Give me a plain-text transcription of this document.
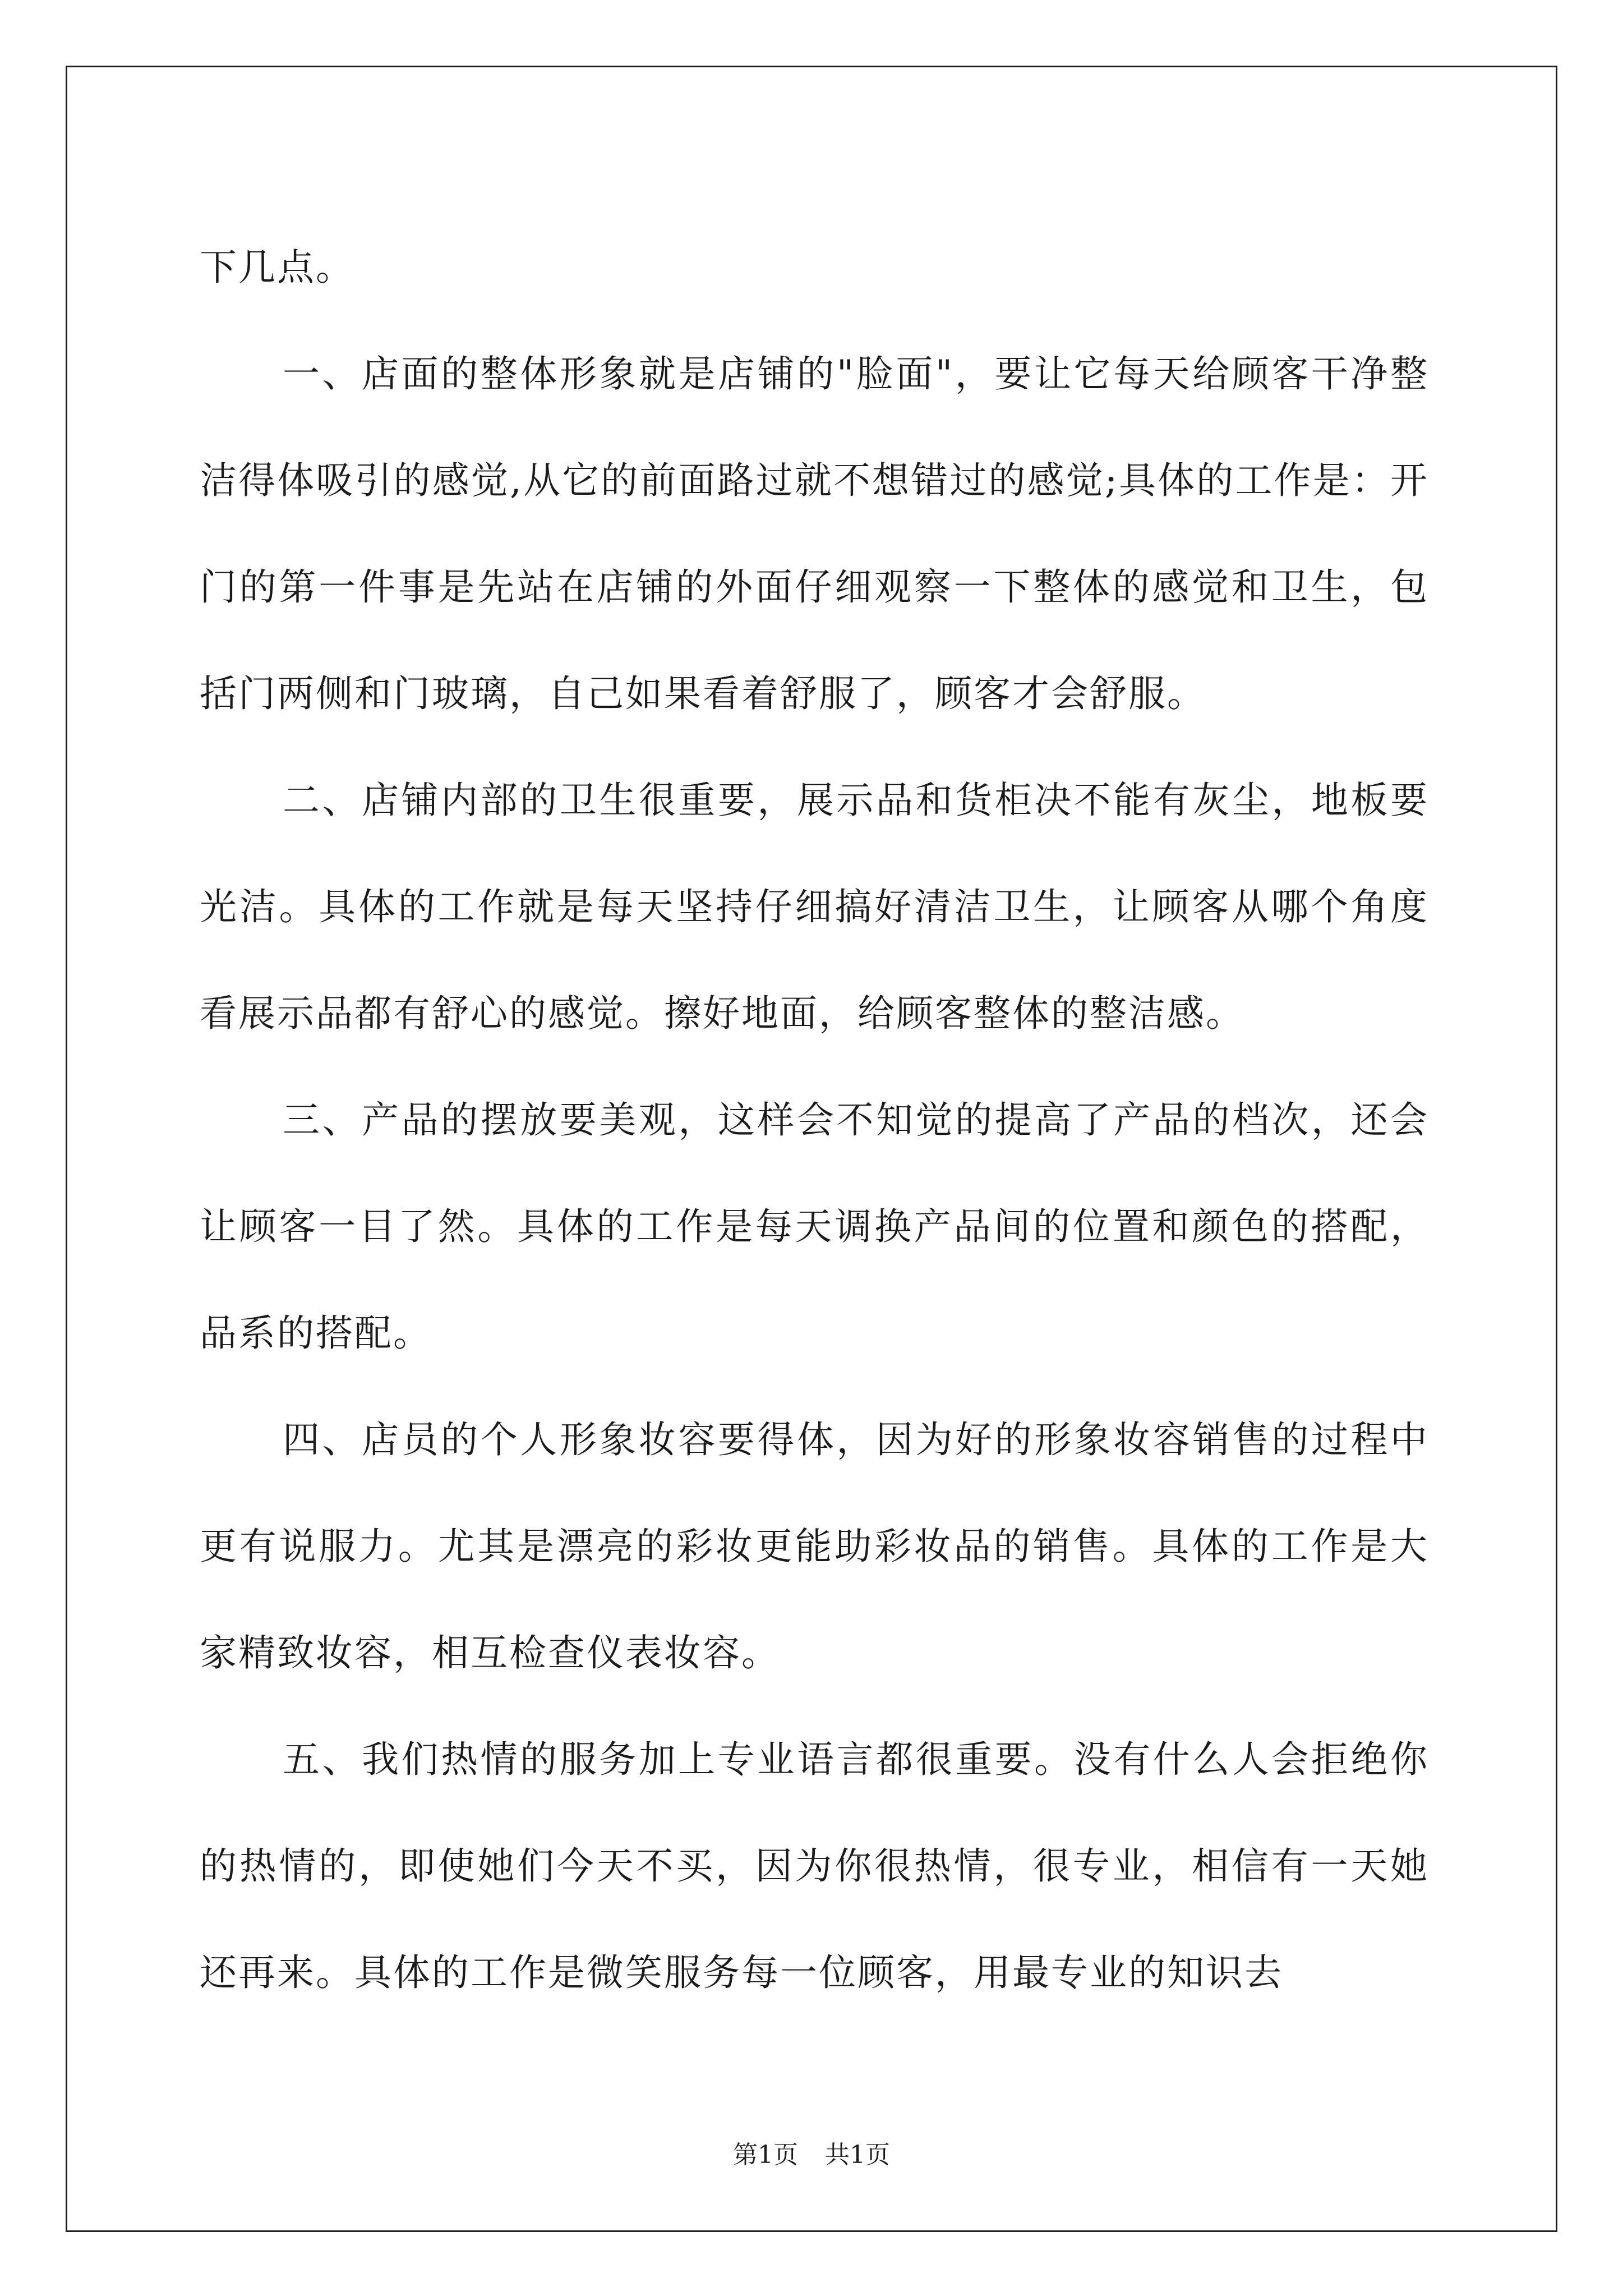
下几点。

一、店面的整体形象就是店铺的"脸面"，要让它每天给顾客干净整洁得体吸引的感觉,从它的前面路过就不想错过的感觉;具体的工作是：开门的第一件事是先站在店铺的外面仔细观察一下整体的感觉和卫生，包括门两侧和门玻璃，自己如果看着舒服了，顾客才会舒服。

二、店铺内部的卫生很重要，展示品和货柜决不能有灰尘，地板要光洁。具体的工作就是每天坚持仔细搞好清洁卫生，让顾客从哪个角度看展示品都有舒心的感觉。擦好地面，给顾客整体的整洁感。

三、产品的摆放要美观，这样会不知觉的提高了产品的档次，还会让顾客一目了然。具体的工作是每天调换产品间的位置和颜色的搭配，品系的搭配。

四、店员的个人形象妆容要得体，因为好的形象妆容销售的过程中更有说服力。尤其是漂亮的彩妆更能助彩妆品的销售。具体的工作是大家精致妆容，相互检查仪表妆容。

五、我们热情的服务加上专业语言都很重要。没有什么人会拒绝你的热情的，即使她们今天不买，因为你很热情，很专业，相信有一天她还再来。具体的工作是微笑服务每一位顾客，用最专业的知识去

第1页 共1页
